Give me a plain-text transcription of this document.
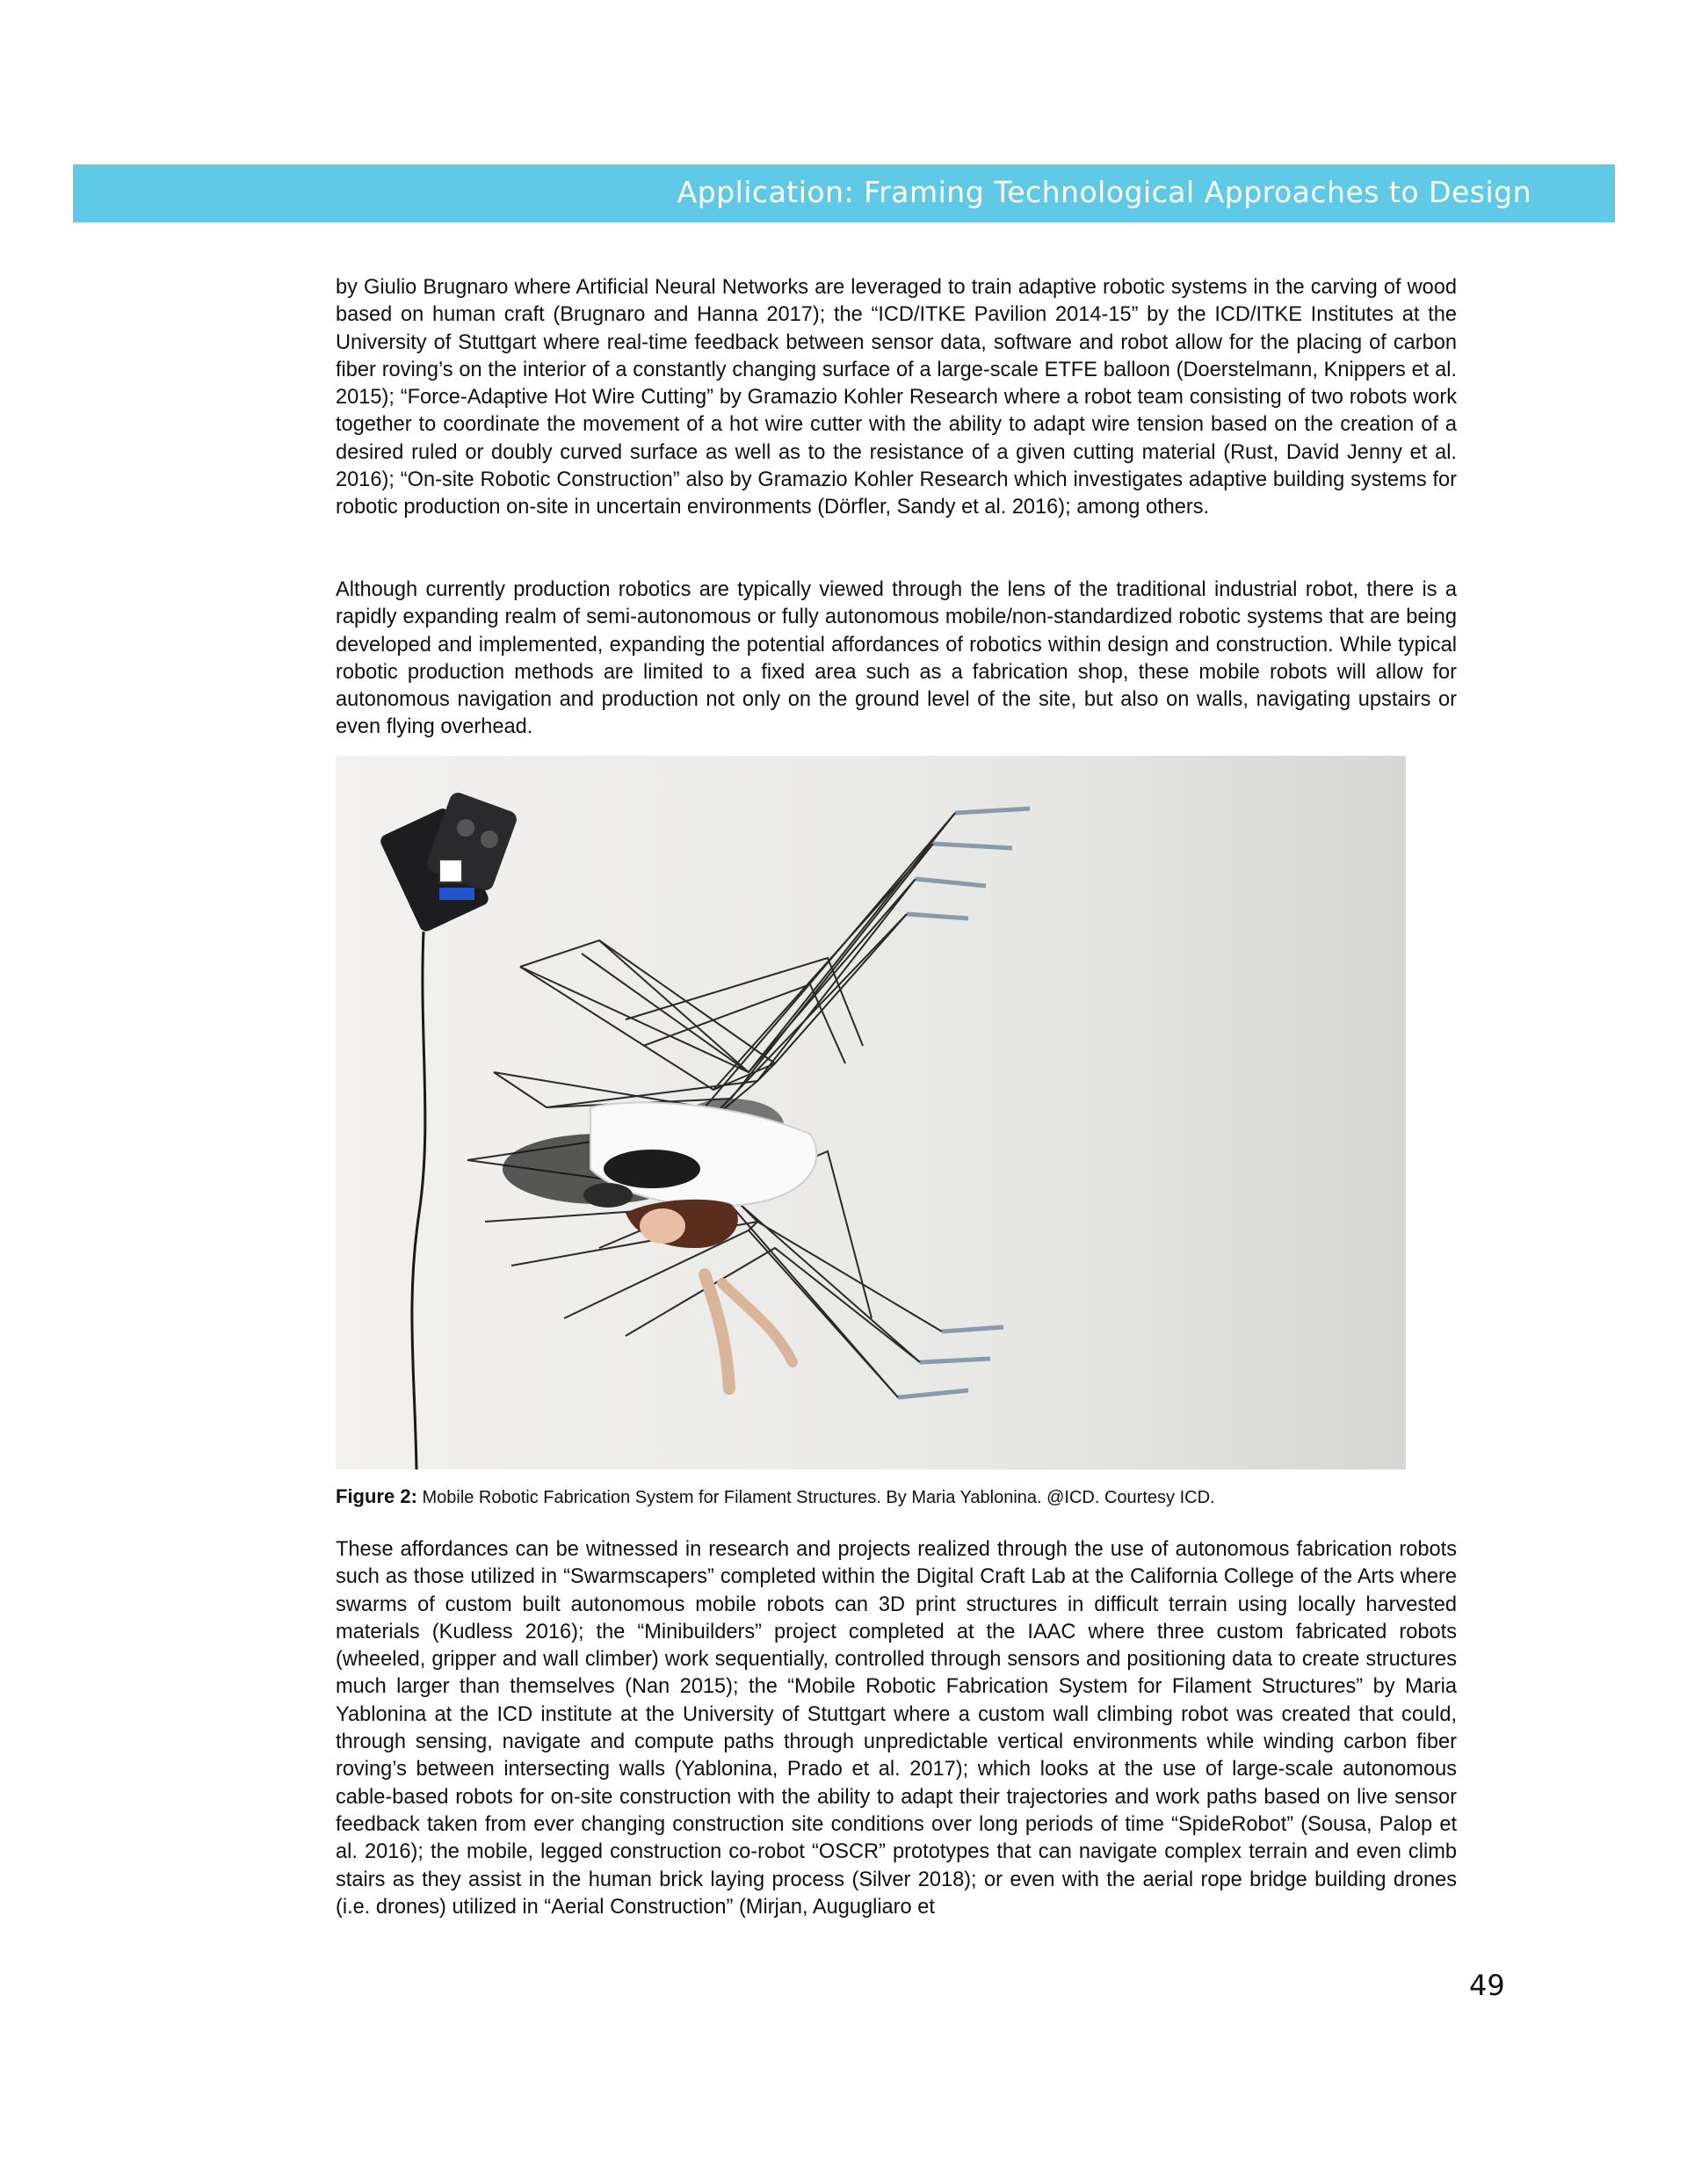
Application: Framing Technological Approaches to Design

by Giulio Brugnaro where Artificial Neural Networks are leveraged to train adaptive robotic systems in the carving of wood based on human craft (Brugnaro and Hanna 2017); the “ICD/ITKE Pavilion 2014-15” by the ICD/ITKE Institutes at the University of Stuttgart where real-time feedback between sensor data, software and robot allow for the placing of carbon fiber roving’s on the interior of a constantly changing surface of a large-scale ETFE balloon (Doerstelmann, Knippers et al. 2015); “Force-Adaptive Hot Wire Cutting” by Gramazio Kohler Research where a robot team consisting of two robots work together to coordinate the movement of a hot wire cutter with the ability to adapt wire tension based on the creation of a desired ruled or doubly curved surface as well as to the resistance of a given cutting material (Rust, David Jenny et al. 2016); “On-site Robotic Construction” also by Gramazio Kohler Research which investigates adaptive building systems for robotic production on-site in uncertain environments (Dörfler, Sandy et al. 2016); among others.

Although currently production robotics are typically viewed through the lens of the traditional industrial robot, there is a rapidly expanding realm of semi-autonomous or fully autonomous mobile/non-standardized robotic systems that are being developed and implemented, expanding the potential affordances of robotics within design and construction. While typical robotic production methods are limited to a fixed area such as a fabrication shop, these mobile robots will allow for autonomous navigation and production not only on the ground level of the site, but also on walls, navigating upstairs or even flying overhead.

Figure 2: Mobile Robotic Fabrication System for Filament Structures. By Maria Yablonina. @ICD. Courtesy ICD.

These affordances can be witnessed in research and projects realized through the use of autonomous fabrication robots such as those utilized in “Swarmscapers” completed within the Digital Craft Lab at the California College of the Arts where swarms of custom built autonomous mobile robots can 3D print structures in difficult terrain using locally harvested materials (Kudless 2016); the “Minibuilders” project completed at the IAAC where three custom fabricated robots (wheeled, gripper and wall climber) work sequentially, controlled through sensors and positioning data to create structures much larger than themselves (Nan 2015); the “Mobile Robotic Fabrication System for Filament Structures” by Maria Yablonina at the ICD institute at the University of Stuttgart where a custom wall climbing robot was created that could, through sensing, navigate and compute paths through unpredictable vertical environments while winding carbon fiber roving’s between intersecting walls (Yablonina, Prado et al. 2017); which looks at the use of large-scale autonomous cable-based robots for on-site construction with the ability to adapt their trajectories and work paths based on live sensor feedback taken from ever changing construction site conditions over long periods of time “SpideRobot” (Sousa, Palop et al. 2016); the mobile, legged construction co-robot “OSCR” prototypes that can navigate complex terrain and even climb stairs as they assist in the human brick laying process (Silver 2018); or even with the aerial rope bridge building drones (i.e. drones) utilized in “Aerial Construction” (Mirjan, Augugliaro et

49
